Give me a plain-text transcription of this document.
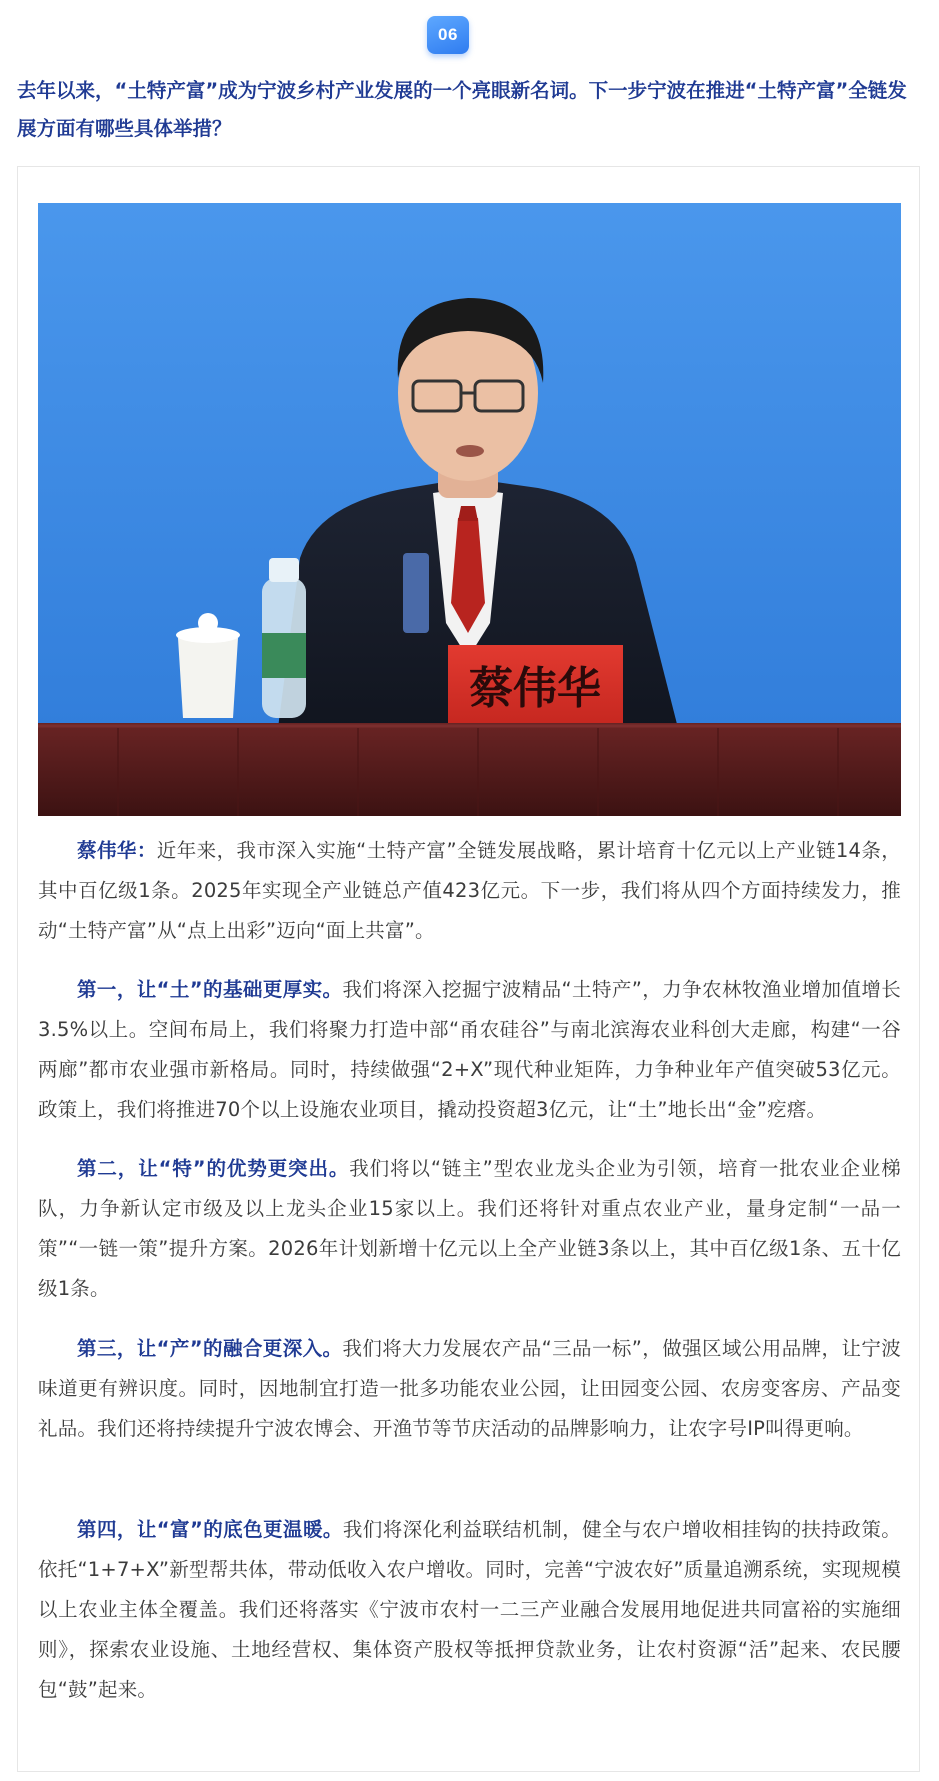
06

去年以来，“土特产富”成为宁波乡村产业发展的一个亮眼新名词。下一步宁波在推进“土特产富”全链发展方面有哪些具体举措？

蔡伟华

蔡伟华：近年来，我市深入实施“土特产富”全链发展战略，累计培育十亿元以上产业链14条，其中百亿级1条。2025年实现全产业链总产值423亿元。下一步，我们将从四个方面持续发力，推动“土特产富”从“点上出彩”迈向“面上共富”。

第一，让“土”的基础更厚实。我们将深入挖掘宁波精品“土特产”，力争农林牧渔业增加值增长3.5%以上。空间布局上，我们将聚力打造中部“甬农硅谷”与南北滨海农业科创大走廊，构建“一谷两廊”都市农业强市新格局。同时，持续做强“2+X”现代种业矩阵，力争种业年产值突破53亿元。政策上，我们将推进70个以上设施农业项目，撬动投资超3亿元，让“土”地长出“金”疙瘩。

第二，让“特”的优势更突出。我们将以“链主”型农业龙头企业为引领，培育一批农业企业梯队，力争新认定市级及以上龙头企业15家以上。我们还将针对重点农业产业，量身定制“一品一策”“一链一策”提升方案。2026年计划新增十亿元以上全产业链3条以上，其中百亿级1条、五十亿级1条。

第三，让“产”的融合更深入。我们将大力发展农产品“三品一标”，做强区域公用品牌，让宁波味道更有辨识度。同时，因地制宜打造一批多功能农业公园，让田园变公园、农房变客房、产品变礼品。我们还将持续提升宁波农博会、开渔节等节庆活动的品牌影响力，让农字号IP叫得更响。

第四，让“富”的底色更温暖。我们将深化利益联结机制，健全与农户增收相挂钩的扶持政策。依托“1+7+X”新型帮共体，带动低收入农户增收。同时，完善“宁波农好”质量追溯系统，实现规模以上农业主体全覆盖。我们还将落实《宁波市农村一二三产业融合发展用地促进共同富裕的实施细则》，探索农业设施、土地经营权、集体资产股权等抵押贷款业务，让农村资源“活”起来、农民腰包“鼓”起来。
